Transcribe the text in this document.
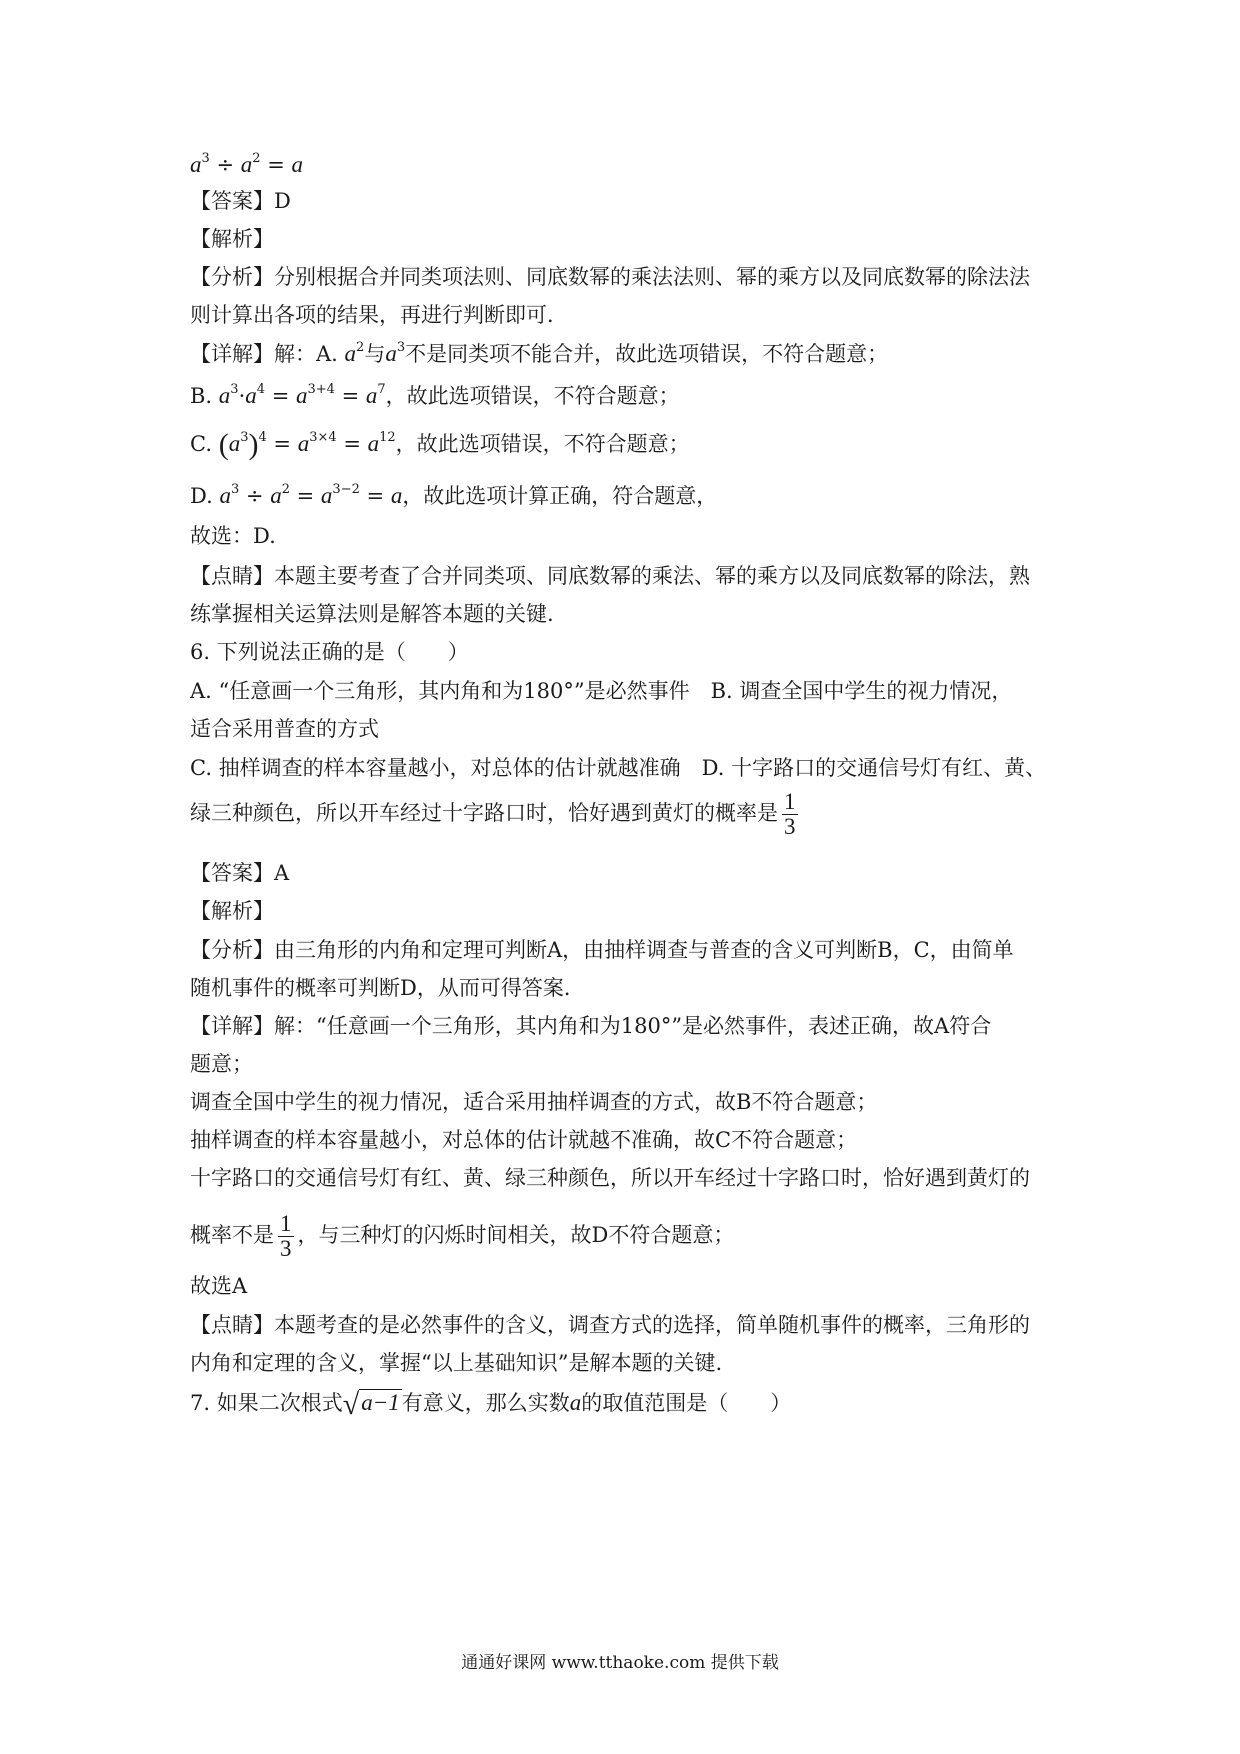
$a^3 \div a^2 = a$
【答案】D
【解析】
【分析】分别根据合并同类项法则、同底数幂的乘法法则、幂的乘方以及同底数幂的除法法
则计算出各项的结果，再进行判断即可．
【详解】解：A. $a^2$与$a^3$不是同类项不能合并，故此选项错误，不符合题意；
B. $a^3\cdot a^4 = a^{3+4} = a^7$，故此选项错误，不符合题意；
C. $(a^3)^4 = a^{3\times 4} = a^{12}$，故此选项错误，不符合题意；
D. $a^3 \div a^2 = a^{3-2} = a$，故此选项计算正确，符合题意，
故选：D.
【点睛】本题主要考查了合并同类项、同底数幂的乘法、幂的乘方以及同底数幂的除法，熟
练掌握相关运算法则是解答本题的关键.
6. 下列说法正确的是（　　）
A. “任意画一个三角形，其内角和为180°”是必然事件　B. 调查全国中学生的视力情况，
适合采用普查的方式
C. 抽样调查的样本容量越小，对总体的估计就越准确　D. 十字路口的交通信号灯有红、黄、
绿三种颜色，所以开车经过十字路口时，恰好遇到黄灯的概率是 $\frac{1}{3}$
【答案】A
【解析】
【分析】由三角形的内角和定理可判断A，由抽样调查与普查的含义可判断B，C，由简单
随机事件的概率可判断D，从而可得答案．
【详解】解：“任意画一个三角形，其内角和为180°”是必然事件，表述正确，故A符合
题意；
调查全国中学生的视力情况，适合采用抽样调查的方式，故B不符合题意；
抽样调查的样本容量越小，对总体的估计就越不准确，故C不符合题意；
十字路口的交通信号灯有红、黄、绿三种颜色，所以开车经过十字路口时，恰好遇到黄灯的
概率不是 $\frac{1}{3}$ ，与三种灯的闪烁时间相关，故D不符合题意；
故选A
【点睛】本题考查的是必然事件的含义，调查方式的选择，简单随机事件的概率，三角形的
内角和定理的含义，掌握“以上基础知识”是解本题的关键.
7. 如果二次根式√a−1有意义，那么实数a的取值范围是（　　）
通通好课网 www.tthaoke.com 提供下载
